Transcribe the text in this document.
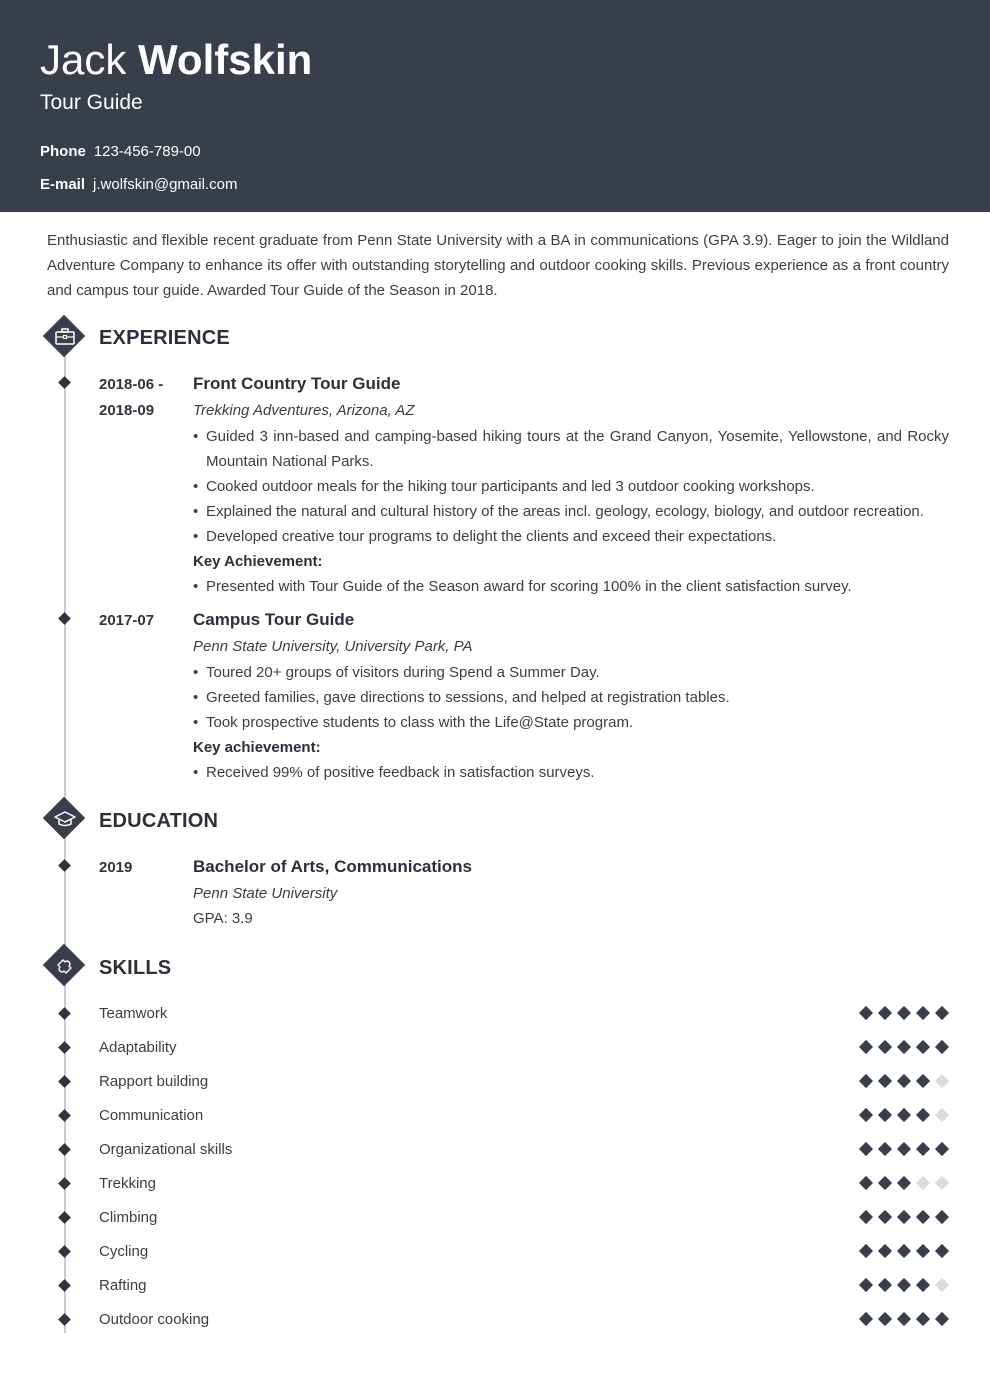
Jack Wolfskin
Tour Guide
Phone 123-456-789-00
E-mail j.wolfskin@gmail.com
Enthusiastic and flexible recent graduate from Penn State University with a BA in communications (GPA 3.9). Eager to join the Wildland Adventure Company to enhance its offer with outstanding storytelling and outdoor cooking skills. Previous experience as a front country and campus tour guide. Awarded Tour Guide of the Season in 2018.
EXPERIENCE
2018-06 -
2018-09
Front Country Tour Guide
Trekking Adventures, Arizona, AZ
• Guided 3 inn-based and camping-based hiking tours at the Grand Canyon, Yosemite, Yellowstone, and Rocky Mountain National Parks.
• Cooked outdoor meals for the hiking tour participants and led 3 outdoor cooking workshops.
• Explained the natural and cultural history of the areas incl. geology, ecology, biology, and outdoor recreation.
• Developed creative tour programs to delight the clients and exceed their expectations.
Key Achievement:
• Presented with Tour Guide of the Season award for scoring 100% in the client satisfaction survey.
2017-07 Campus Tour Guide
Penn State University, University Park, PA
• Toured 20+ groups of visitors during Spend a Summer Day.
• Greeted families, gave directions to sessions, and helped at registration tables.
• Took prospective students to class with the Life@State program.
Key achievement:
• Received 99% of positive feedback in satisfaction surveys.
EDUCATION
2019	Bachelor of Arts, Communications
Penn State University
GPA: 3.9
SKILLS
Teamwork
Adaptability
Rapport building
Communication
Organizational skills
Trekking
Climbing
Cycling
Rafting
Outdoor cooking
